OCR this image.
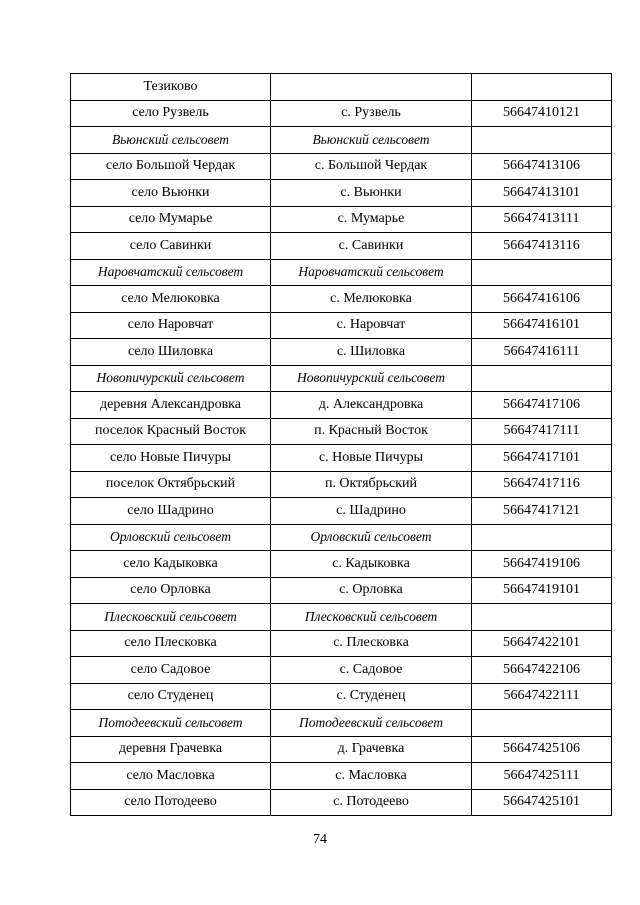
Тезиково		
село Рузвель	с. Рузвель	56647410121
Вьюнский сельсовет	Вьюнский сельсовет	
село Большой Чердак	с. Большой Чердак	56647413106
село Вьюнки	с. Вьюнки	56647413101
село Мумарье	с. Мумарье	56647413111
село Савинки	с. Савинки	56647413116
Наровчатский сельсовет	Наровчатский сельсовет	
село Мелюковка	с. Мелюковка	56647416106
село Наровчат	с. Наровчат	56647416101
село Шиловка	с. Шиловка	56647416111
Новопичурский сельсовет	Новопичурский сельсовет	
деревня Александровка	д. Александровка	56647417106
поселок Красный Восток	п. Красный Восток	56647417111
село Новые Пичуры	с. Новые Пичуры	56647417101
поселок Октябрьский	п. Октябрьский	56647417116
село Шадрино	с. Шадрино	56647417121
Орловский сельсовет	Орловский сельсовет	
село Кадыковка	с. Кадыковка	56647419106
село Орловка	с. Орловка	56647419101
Плесковский сельсовет	Плесковский сельсовет	
село Плесковка	с. Плесковка	56647422101
село Садовое	с. Садовое	56647422106
село Студенец	с. Студенец	56647422111
Потодеевский сельсовет	Потодеевский сельсовет	
деревня Грачевка	д. Грачевка	56647425106
село Масловка	с. Масловка	56647425111
село Потодеево	с. Потодеево	56647425101
74
